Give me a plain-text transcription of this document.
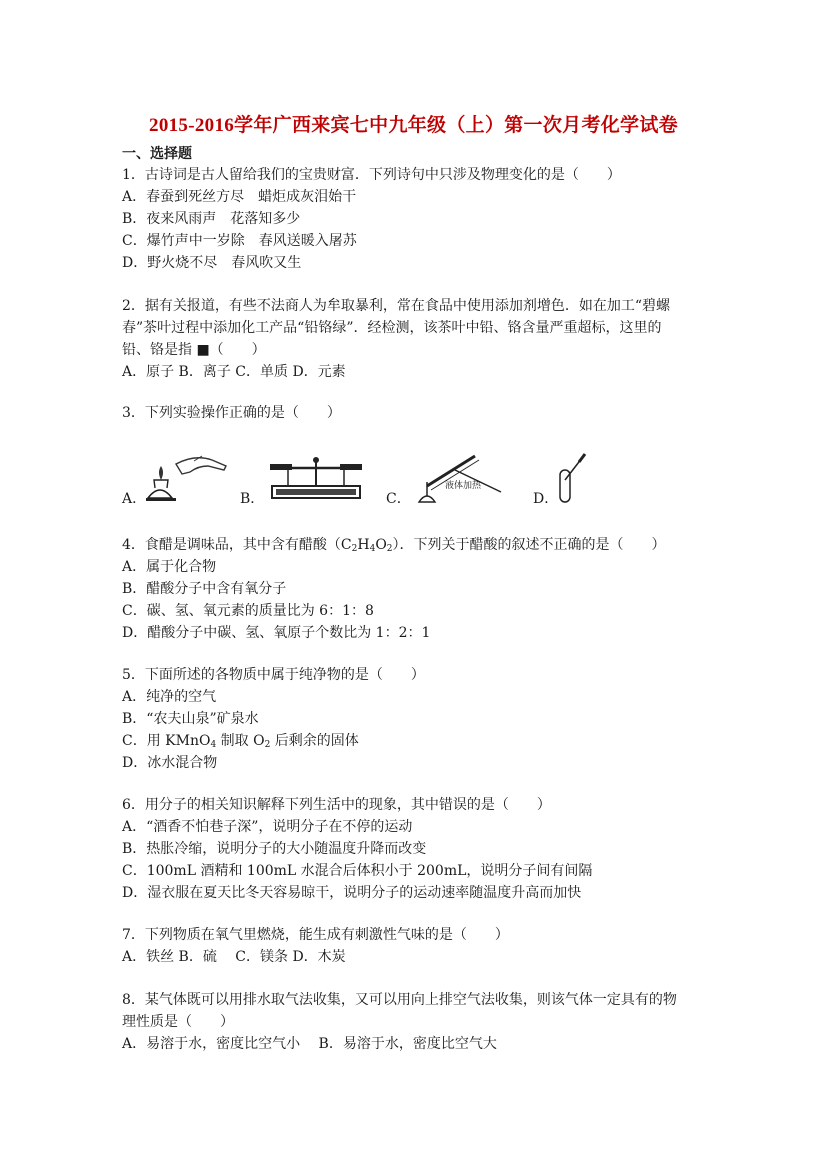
2015-2016学年广西来宾七中九年级（上）第一次月考化学试卷
一、选择题
1．古诗词是古人留给我们的宝贵财富．下列诗句中只涉及物理变化的是（　　）
A．春蚕到死丝方尽　蜡炬成灰泪始干
B．夜来风雨声　花落知多少
C．爆竹声中一岁除　春风送暖入屠苏
D．野火烧不尽　春风吹又生
2．据有关报道，有些不法商人为牟取暴利，常在食品中使用添加剂增色．如在加工“碧螺
春”茶叶过程中添加化工产品“铅铬绿”．经检测，该茶叶中铅、铬含量严重超标，这里的
铅、铬是指 ■（　　）
A．原子 B．离子 C．单质 D．元素
3．下列实验操作正确的是（　　）
A．	B．	C．
液体加热
D．
4．食醋是调味品，其中含有醋酸$(C_2H_4O_2)$．下列关于醋酸的叙述不正确的是（　　）
A．属于化合物
B．醋酸分子中含有氧分子
C．碳、氢、氧元素的质量比为 6：1：8
D．醋酸分子中碳、氢、氧原子个数比为 1：2：1
5．下面所述的各物质中属于纯净物的是（　　）
A．纯净的空气
B．“农夫山泉”矿泉水
C．用 KMnO$_4$ 制取 $O_2$ 后剩余的固体
D．冰水混合物
6．用分子的相关知识解释下列生活中的现象，其中错误的是（　　）
A．“酒香不怕巷子深”，说明分子在不停的运动
B．热胀冷缩，说明分子的大小随温度升降而改变
C．100mL 酒精和 100mL 水混合后体积小于 200mL，说明分子间有间隔
D．湿衣服在夏天比冬天容易晾干，说明分子的运动速率随温度升高而加快
7．下列物质在氧气里燃烧，能生成有刺激性气味的是（　　）
A．铁丝 B．硫　 C．镁条 D．木炭
8．某气体既可以用排水取气法收集，又可以用向上排空气法收集，则该气体一定具有的物
理性质是（　　）
A．易溶于水，密度比空气小　 B．易溶于水，密度比空气大
